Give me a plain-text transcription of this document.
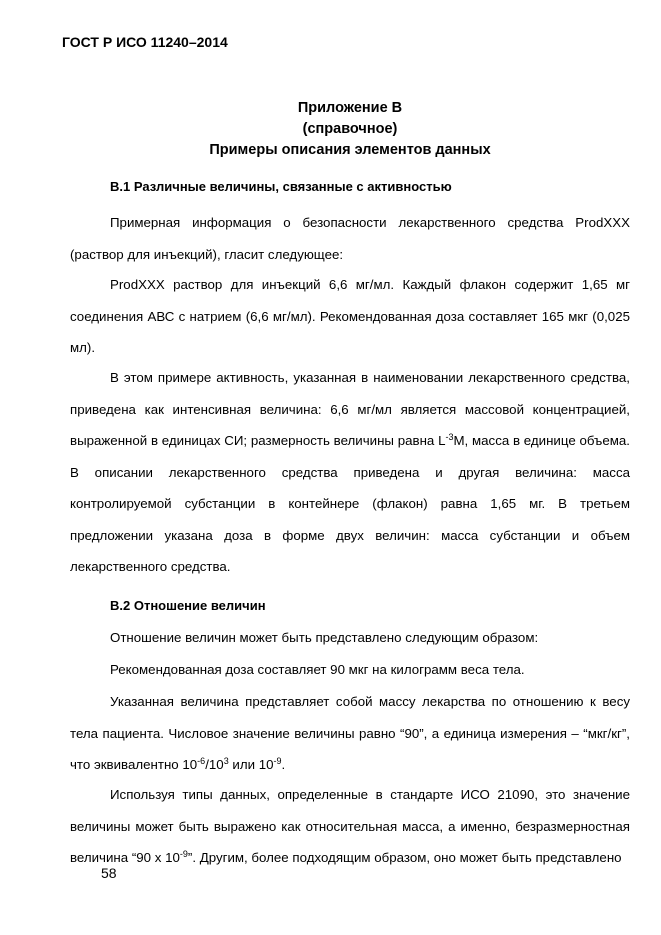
ГОСТ Р ИСО 11240–2014
Приложение В
(справочное)
Примеры описания элементов данных
В.1 Различные величины, связанные с активностью

Примерная информация о безопасности лекарственного средства ProdXXX (раствор для инъекций), гласит следующее:

ProdXXX раствор для инъекций 6,6 мг/мл. Каждый флакон содержит 1,65 мг соединения АВС с натрием (6,6 мг/мл). Рекомендованная доза составляет 165 мкг (0,025 мл).

В этом примере активность, указанная в наименовании лекарственного средства, приведена как интенсивная величина: 6,6 мг/мл является массовой концентрацией, выраженной в единицах СИ; размерность величины равна $L^{-3}M$, масса в единице объема. В описании лекарственного средства приведена и другая величина: масса контролируемой субстанции в контейнере (флакон) равна 1,65 мг. В третьем предложении указана доза в форме двух величин: масса субстанции и объем лекарственного средства.

В.2 Отношение величин

Отношение величин может быть представлено следующим образом:

Рекомендованная доза составляет 90 мкг на килограмм веса тела.

Указанная величина представляет собой массу лекарства по отношению к весу тела пациента. Числовое значение величины равно “90”, а единица измерения – “мкг/кг”, что эквивалентно $10^{-6}/10^3$ или $10^{-9}$.

Используя типы данных, определенные в стандарте ИСО 21090, это значение величины может быть выражено как относительная масса, а именно, безразмерностная величина “90 x $10^{-9}$”. Другим, более подходящим образом, оно может быть представлено

58
